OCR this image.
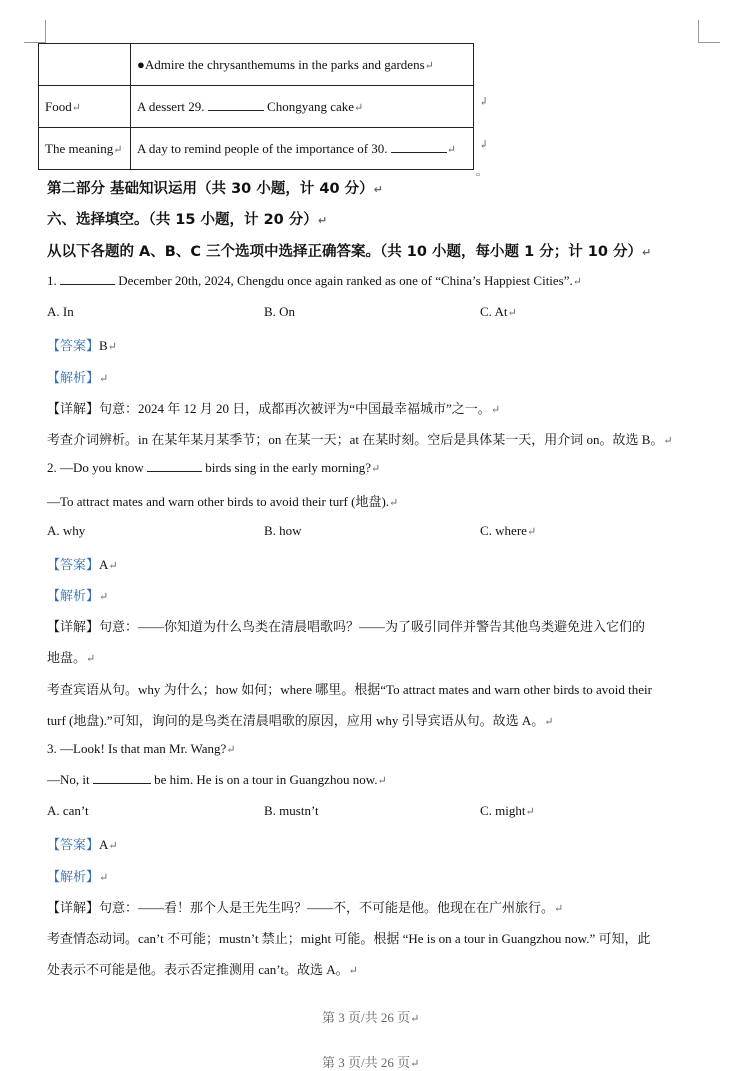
	●Admire the chrysanthemums in the parks and gardens↵
Food↵	A dessert 29. Chongyang cake↵
The meaning↵	A day to remind people of the importance of 30. ↵
↲
↲
▫
第二部分 基础知识运用（共 30 小题，计 40 分）↵
六、选择填空。（共 15 小题，计 20 分）↵
从以下各题的 A、B、C 三个选项中选择正确答案。（共 10 小题，每小题 1 分；计 10 分）↵
1.	December 20th, 2024, Chengdu once again ranked as one of “China’s Happiest Cities”.↵
A. In	B. On	C. At↵
【答案】B↵
【解析】↵
【详解】句意：2024 年 12 月 20 日，成都再次被评为“中国最幸福城市”之一。↵
考查介词辨析。in 在某年某月某季节；on 在某一天；at 在某时刻。空后是具体某一天，用介词 on。故选 B。↵
2. —Do you know	birds sing in the early morning?↵
—To attract mates and warn other birds to avoid their turf (地盘).↵
A. why	B. how	C. where↵
【答案】A↵
【解析】↵
【详解】句意：——你知道为什么鸟类在清晨唱歌吗？——为了吸引同伴并警告其他鸟类避免进入它们的
地盘。↵
考查宾语从句。why 为什么；how 如何；where 哪里。根据“To attract mates and warn other birds to avoid their
turf (地盘).”可知，询问的是鸟类在清晨唱歌的原因，应用 why 引导宾语从句。故选 A。↵
3. —Look! Is that man Mr. Wang?↵
—No, it	be him. He is on a tour in Guangzhou now.↵
A. can’t	B. mustn’t	C. might↵
【答案】A↵
【解析】↵
【详解】句意：——看！那个人是王先生吗？——不，不可能是他。他现在在广州旅行。↵
考查情态动词。can’t 不可能；mustn’t 禁止；might 可能。根据 “He is on a tour in Guangzhou now.” 可知，此
处表示不可能是他。表示否定推测用 can’t。故选 A。↵
第 3 页/共 26 页↵
第 3 页/共 26 页↵
